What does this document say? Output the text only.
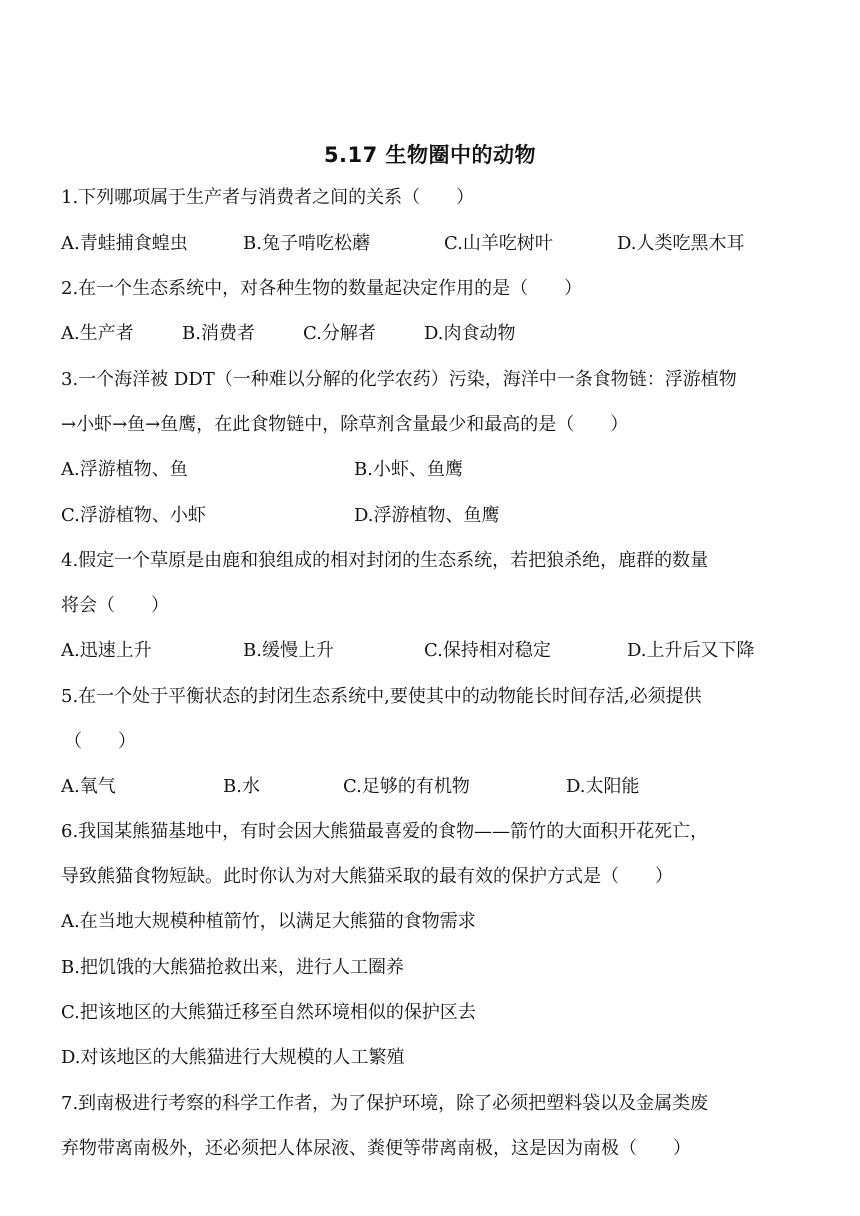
5.17 生物圈中的动物
1.下列哪项属于生产者与消费者之间的关系（　　）
A.青蛙捕食蝗虫	B.兔子啃吃松蘑	C.山羊吃树叶	D.人类吃黑木耳
2.在一个生态系统中，对各种生物的数量起决定作用的是（　　）
A.生产者	B.消费者	C.分解者	D.肉食动物
3.一个海洋被 DDT（一种难以分解的化学农药）污染，海洋中一条食物链：浮游植物
→小虾→鱼→鱼鹰，在此食物链中，除草剂含量最少和最高的是（　　）
A.浮游植物、鱼	B.小虾、鱼鹰
C.浮游植物、小虾	D.浮游植物、鱼鹰
4.假定一个草原是由鹿和狼组成的相对封闭的生态系统，若把狼杀绝，鹿群的数量
将会（　　）
A.迅速上升	B.缓慢上升	C.保持相对稳定	D.上升后又下降
5.在一个处于平衡状态的封闭生态系统中,要使其中的动物能长时间存活,必须提供
（　　）
A.氧气	B.水	C.足够的有机物	D.太阳能
6.我国某熊猫基地中，有时会因大熊猫最喜爱的食物——箭竹的大面积开花死亡，
导致熊猫食物短缺。此时你认为对大熊猫采取的最有效的保护方式是（　　）
A.在当地大规模种植箭竹，以满足大熊猫的食物需求
B.把饥饿的大熊猫抢救出来，进行人工圈养
C.把该地区的大熊猫迁移至自然环境相似的保护区去
D.对该地区的大熊猫进行大规模的人工繁殖
7.到南极进行考察的科学工作者，为了保护环境，除了必须把塑料袋以及金属类废
弃物带离南极外，还必须把人体尿液、粪便等带离南极，这是因为南极（　　）
